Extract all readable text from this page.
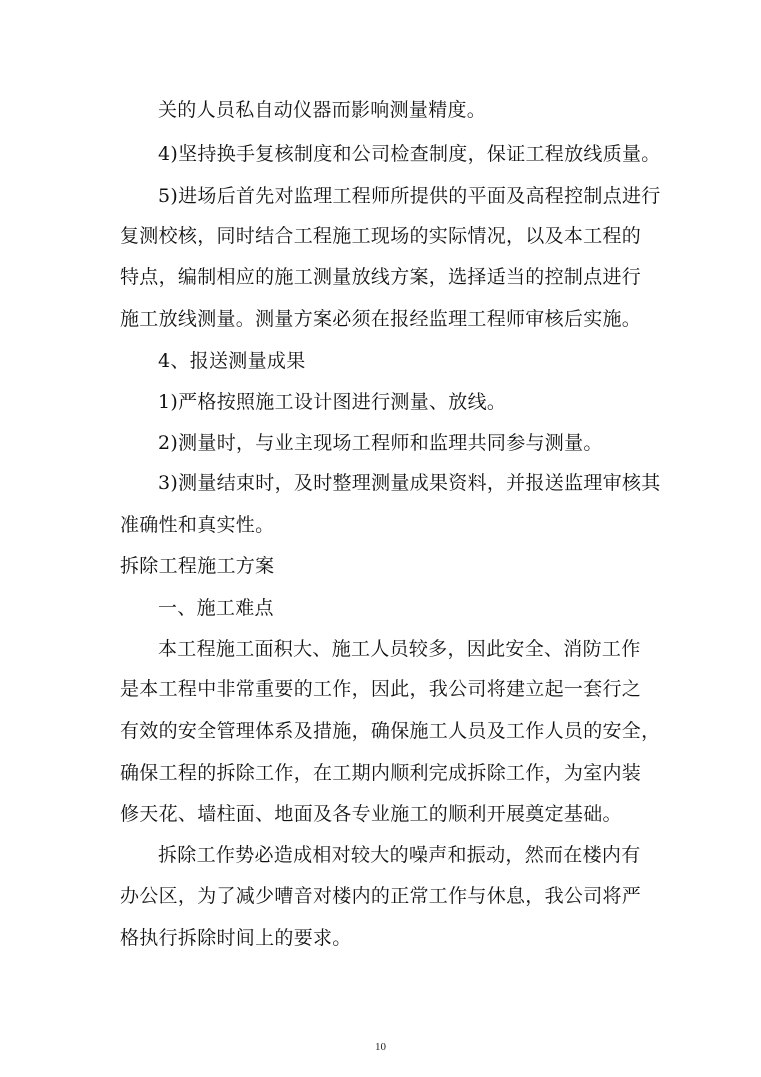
关的人员私自动仪器而影响测量精度。
4)坚持换手复核制度和公司检查制度，保证工程放线质量。
5)进场后首先对监理工程师所提供的平面及高程控制点进行
复测校核，同时结合工程施工现场的实际情况，以及本工程的
特点，编制相应的施工测量放线方案，选择适当的控制点进行
施工放线测量。测量方案必须在报经监理工程师审核后实施。
4、报送测量成果
1)严格按照施工设计图进行测量、放线。
2)测量时，与业主现场工程师和监理共同参与测量。
3)测量结束时，及时整理测量成果资料，并报送监理审核其
准确性和真实性。
拆除工程施工方案
一、施工难点
本工程施工面积大、施工人员较多，因此安全、消防工作
是本工程中非常重要的工作，因此，我公司将建立起一套行之
有效的安全管理体系及措施，确保施工人员及工作人员的安全，
确保工程的拆除工作，在工期内顺利完成拆除工作，为室内装
修天花、墙柱面、地面及各专业施工的顺利开展奠定基础。
拆除工作势必造成相对较大的噪声和振动，然而在楼内有
办公区，为了减少嘈音对楼内的正常工作与休息，我公司将严
格执行拆除时间上的要求。
10
